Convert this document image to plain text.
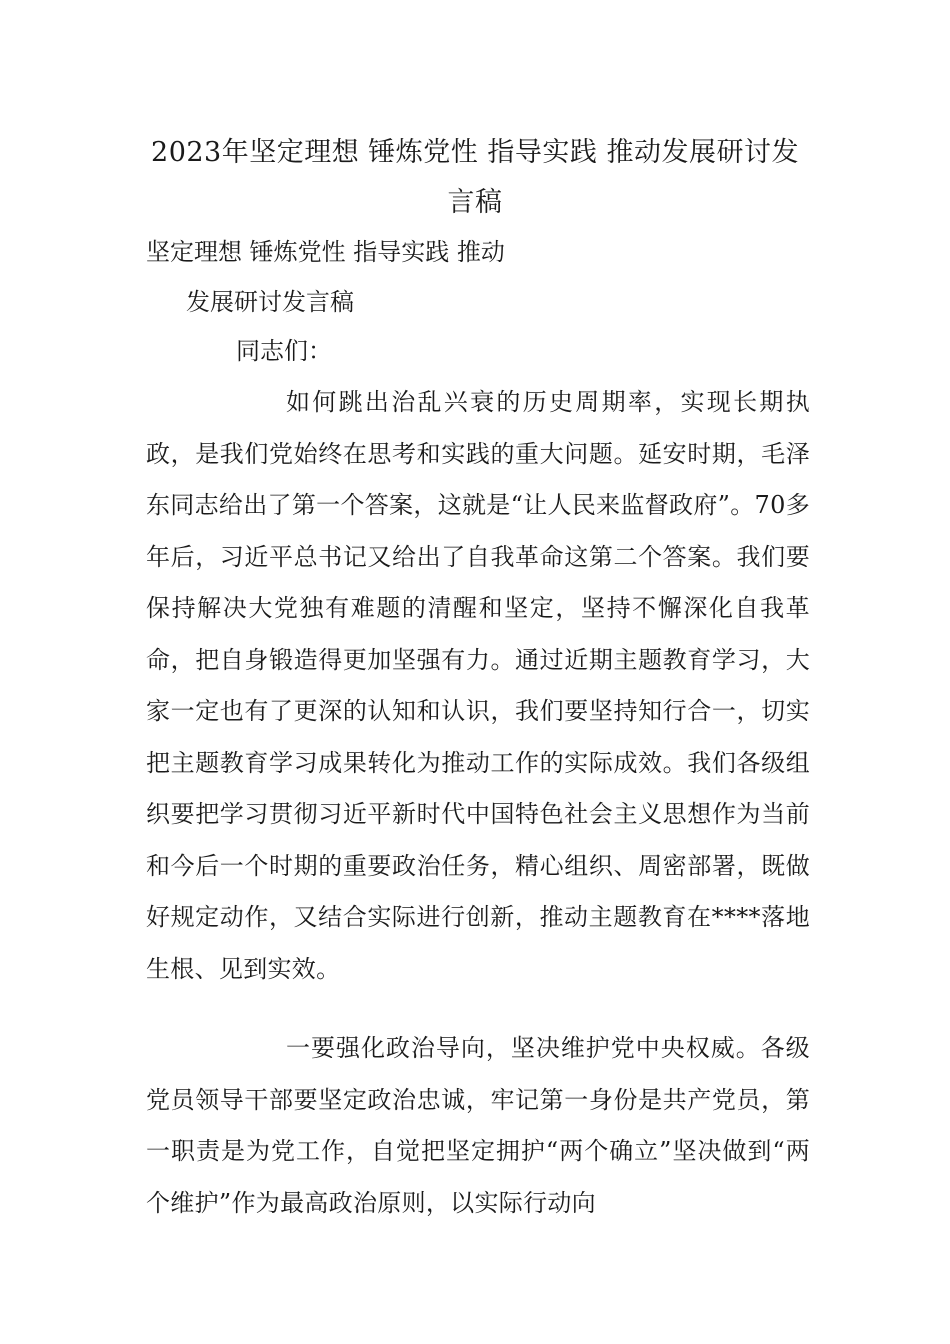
2023年坚定理想 锤炼党性 指导实践 推动发展研讨发言稿

坚定理想 锤炼党性 指导实践 推动

发展研讨发言稿

同志们：

如何跳出治乱兴衰的历史周期率，实现长期执政，是我们党始终在思考和实践的重大问题。延安时期，毛泽东同志给出了第一个答案，这就是“让人民来监督政府”。70多年后，习近平总书记又给出了自我革命这第二个答案。我们要保持解决大党独有难题的清醒和坚定，坚持不懈深化自我革命，把自身锻造得更加坚强有力。通过近期主题教育学习，大家一定也有了更深的认知和认识，我们要坚持知行合一，切实把主题教育学习成果转化为推动工作的实际成效。我们各级组织要把学习贯彻习近平新时代中国特色社会主义思想作为当前和今后一个时期的重要政治任务，精心组织、周密部署，既做好规定动作，又结合实际进行创新，推动主题教育在****落地生根、见到实效。

一要强化政治导向，坚决维护党中央权威。各级党员领导干部要坚定政治忠诚，牢记第一身份是共产党员，第一职责是为党工作，自觉把坚定拥护“两个确立”坚决做到“两个维护”作为最高政治原则，以实际行动向
